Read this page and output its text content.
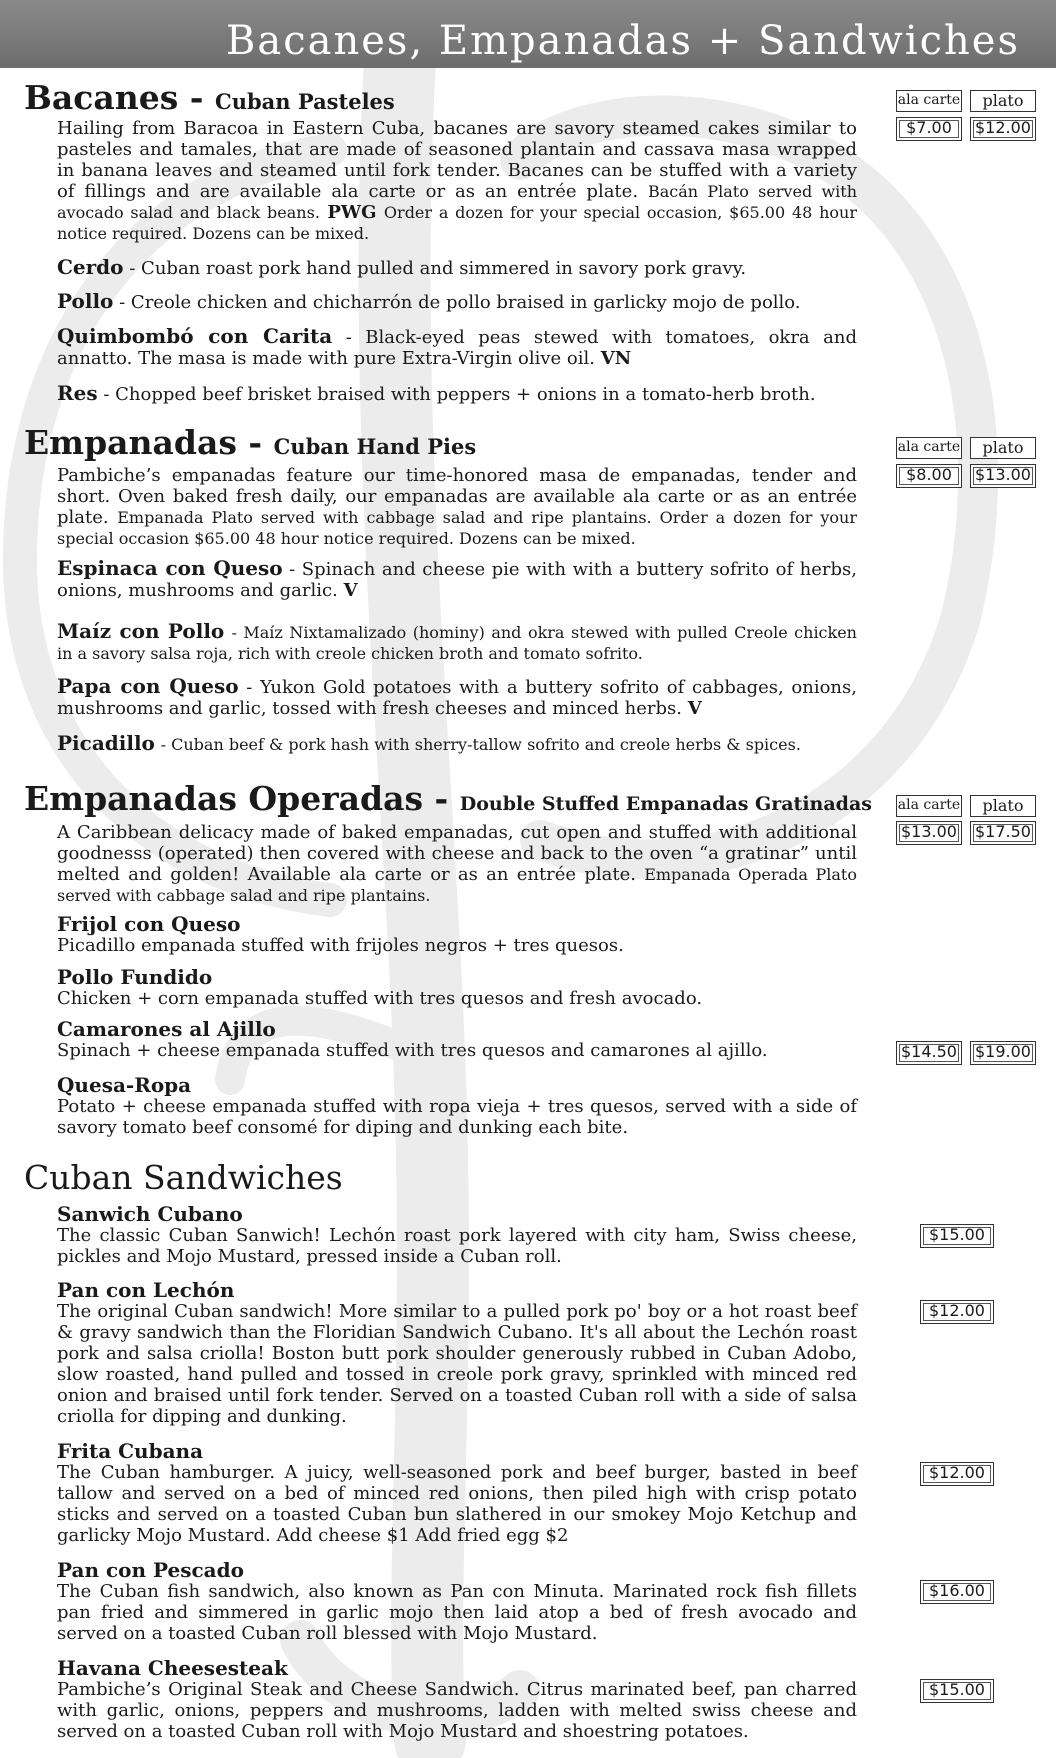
Bacanes, Empanadas + Sandwiches
Bacanes - Cuban Pasteles	ala carte	plato
$7.00	$12.00

Hailing from Baracoa in Eastern Cuba, bacanes are savory steamed cakes similar to pasteles and tamales, that are made of seasoned plantain and cassava masa wrapped in banana leaves and steamed until fork tender. Bacanes can be stuffed with a variety of fillings and are available ala carte or as an entrée plate. Bacán Plato served with avocado salad and black beans. PWG Order a dozen for your special occasion, $65.00 48 hour notice required. Dozens can be mixed.

Cerdo - Cuban roast pork hand pulled and simmered in savory pork gravy.
Pollo - Creole chicken and chicharrón de pollo braised in garlicky mojo de pollo.
Quimbombó con Carita - Black-eyed peas stewed with tomatoes, okra and annatto. The masa is made with pure Extra-Virgin olive oil. VN
Res - Chopped beef brisket braised with peppers + onions in a tomato-herb broth.
Empanadas - Cuban Hand Pies	ala carte	plato
$8.00	$13.00

Pambiche’s empanadas feature our time-honored masa de empanadas, tender and short. Oven baked fresh daily, our empanadas are available ala carte or as an entrée plate. Empanada Plato served with cabbage salad and ripe plantains. Order a dozen for your special occasion $65.00 48 hour notice required. Dozens can be mixed.

Espinaca con Queso - Spinach and cheese pie with with a buttery sofrito of herbs, onions, mushrooms and garlic. V
Maíz con Pollo - Maíz Nixtamalizado (hominy) and okra stewed with pulled Creole chicken in a savory salsa roja, rich with creole chicken broth and tomato sofrito.
Papa con Queso - Yukon Gold potatoes with a buttery sofrito of cabbages, onions, mushrooms and garlic, tossed with fresh cheeses and minced herbs. V
Picadillo - Cuban beef & pork hash with sherry-tallow sofrito and creole herbs & spices.
Empanadas Operadas - Double Stuffed Empanadas Gratinadas ala carte	plato
$13.00	$17.50

A Caribbean delicacy made of baked empanadas, cut open and stuffed with additional goodnesss (operated) then covered with cheese and back to the oven “a gratinar” until melted and golden! Available ala carte or as an entrée plate. Empanada Operada Plato served with cabbage salad and ripe plantains.

Frijol con Queso
Picadillo empanada stuffed with frijoles negros + tres quesos.
Pollo Fundido
Chicken + corn empanada stuffed with tres quesos and fresh avocado.
Camarones al Ajillo
Spinach + cheese empanada stuffed with tres quesos and camarones al ajillo.	$14.50	$19.00
Quesa-Ropa
Potato + cheese empanada stuffed with ropa vieja + tres quesos, served with a side of savory tomato beef consomé for diping and dunking each bite.
Cuban Sandwiches
Sanwich Cubano
The classic Cuban Sanwich! Lechón roast pork layered with city ham, Swiss cheese, pickles and Mojo Mustard, pressed inside a Cuban roll.
$15.00
Pan con Lechón
The original Cuban sandwich! More similar to a pulled pork po' boy or a hot roast beef & gravy sandwich than the Floridian Sandwich Cubano. It's all about the Lechón roast pork and salsa criolla! Boston butt pork shoulder generously rubbed in Cuban Adobo, slow roasted, hand pulled and tossed in creole pork gravy, sprinkled with minced red onion and braised until fork tender. Served on a toasted Cuban roll with a side of salsa criolla for dipping and dunking.
$12.00
Frita Cubana
The Cuban hamburger. A juicy, well-seasoned pork and beef burger, basted in beef tallow and served on a bed of minced red onions, then piled high with crisp potato sticks and served on a toasted Cuban bun slathered in our smokey Mojo Ketchup and garlicky Mojo Mustard. Add cheese $1 Add fried egg $2
$12.00
Pan con Pescado
The Cuban fish sandwich, also known as Pan con Minuta. Marinated rock fish fillets pan fried and simmered in garlic mojo then laid atop a bed of fresh avocado and served on a toasted Cuban roll blessed with Mojo Mustard.
$16.00
Havana Cheesesteak
Pambiche’s Original Steak and Cheese Sandwich. Citrus marinated beef, pan charred with garlic, onions, peppers and mushrooms, ladden with melted swiss cheese and served on a toasted Cuban roll with Mojo Mustard and shoestring potatoes.
$15.00
